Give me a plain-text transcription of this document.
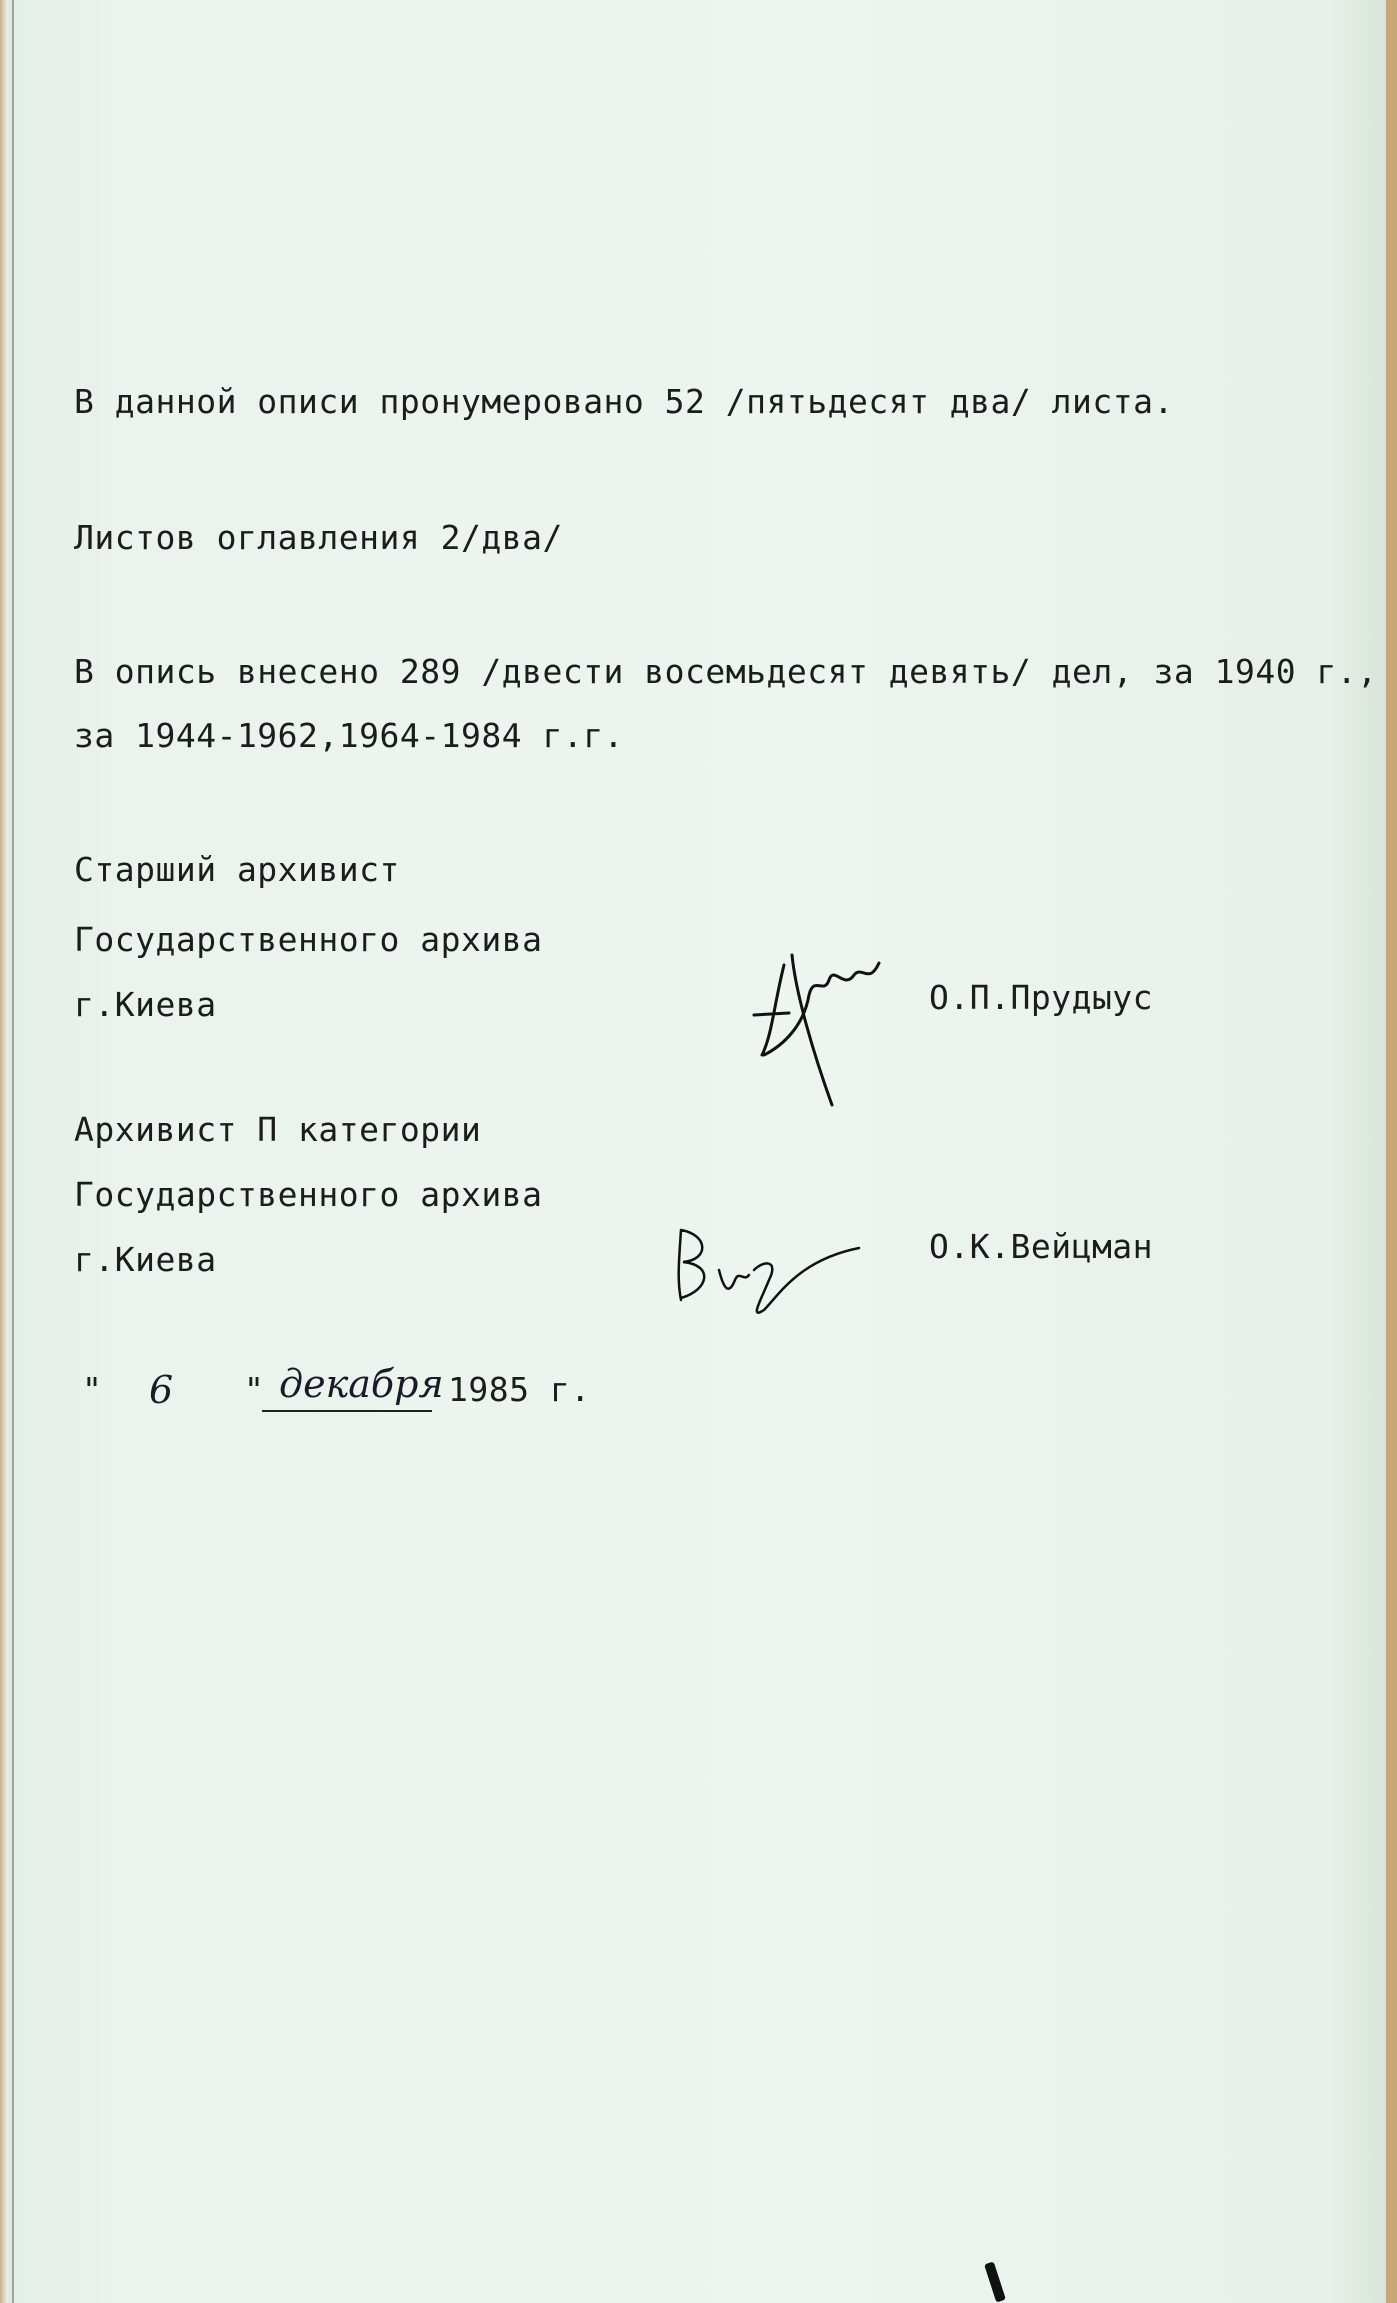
В данной описи пронумеровано 52 /пятьдесят два/ листа.
Листов оглавления 2/два/
В опись внесено 289 /двести восемьдесят девять/ дел, за 1940 г.,
за 1944-1962,1964-1984 г.г.
Старший архивист
Государственного архива
г.Киева	О.П.Прудыус
Архивист П категории
Государственного архива
г.Киева	О.К.Вейцман
" 6 " декабря 1985 г.
